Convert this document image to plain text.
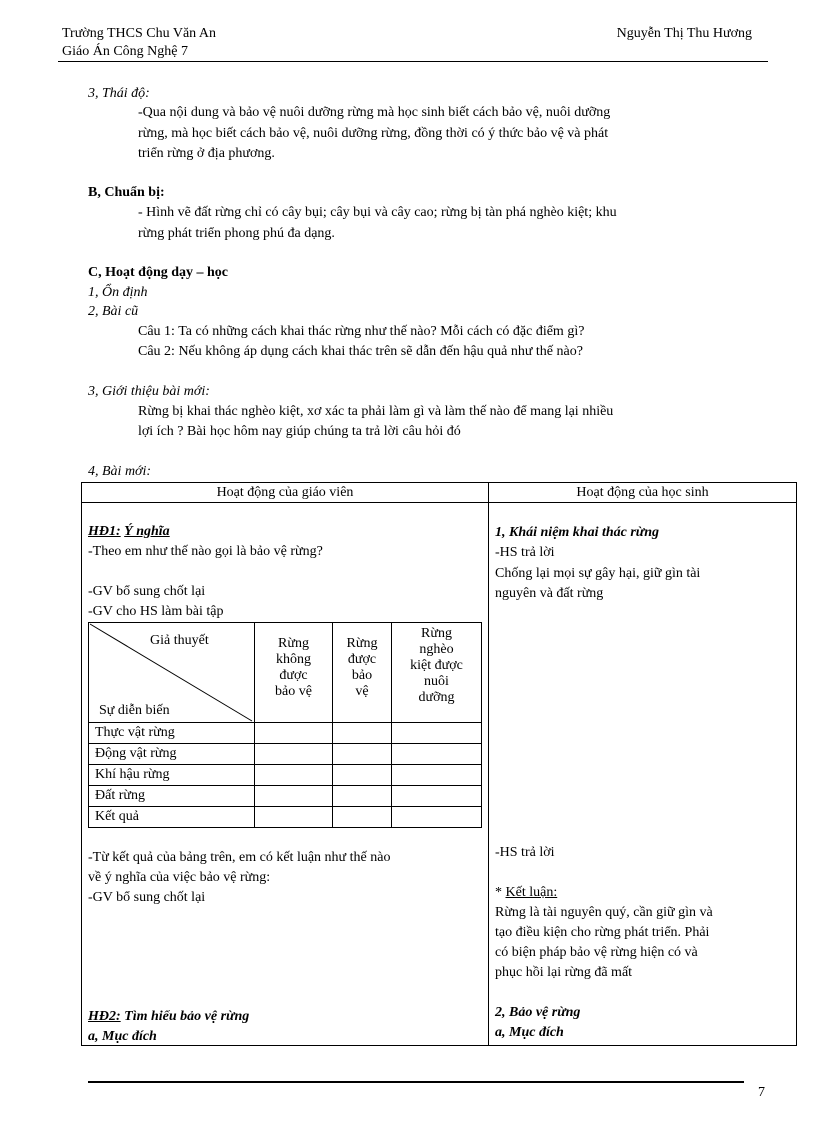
Trường THCS Chu Văn An
Giáo Án Công Nghệ 7
Nguyễn Thị Thu Hương
3, Thái độ:
-Qua nội dung và bảo vệ nuôi dưỡng rừng mà học sinh biết cách bảo vệ, nuôi dưỡng
rừng, mà học biết cách bảo vệ, nuôi dưỡng rừng, đồng thời có ý thức bảo vệ và phát
triển rừng ở địa phương.
B, Chuẩn bị:
- Hình vẽ đất rừng chỉ có cây bụi; cây bụi và cây cao; rừng bị tàn phá nghèo kiệt; khu
rừng phát triển phong phú đa dạng.
C, Hoạt động dạy – học
1, Ổn định
2, Bài cũ
Câu 1: Ta có những cách khai thác rừng như thế nào? Mỗi cách có đặc điểm gì?
Câu 2: Nếu không áp dụng cách khai thác trên sẽ dẫn đến hậu quả như thế nào?
3, Giới thiệu bài mới:
Rừng bị khai thác nghèo kiệt, xơ xác ta phải làm gì và làm thế nào để mang lại nhiều
lợi ích ? Bài học hôm nay giúp chúng ta trả lời câu hỏi đó
4, Bài mới:
Hoạt động của giáo viên	Hoạt động của học sinh
HĐ1: Ý nghĩa
-Theo em như thế nào gọi là bảo vệ rừng?
-GV bổ sung chốt lại
-GV cho HS làm bài tập
Giả thuyết
Sự diễn biến
Rừng
không
được
bảo vệ
Rừng
được
bảo
vệ
Rừng
nghèo
kiệt được
nuôi
dưỡng
Thực vật rừng
Động vật rừng
Khí hậu rừng
Đất rừng
Kết quả
-Từ kết quả của bảng trên, em có kết luận như thế nào
về ý nghĩa của việc bảo vệ rừng:
-GV bổ sung chốt lại
HĐ2: Tìm hiểu bảo vệ rừng
a, Mục đích
1, Khái niệm khai thác rừng
-HS trả lời
Chống lại mọi sự gây hại, giữ gìn tài
nguyên và đất rừng
-HS trả lời
* Kết luận:
Rừng là tài nguyên quý, cần giữ gìn và
tạo điều kiện cho rừng phát triển. Phải
có biện pháp bảo vệ rừng hiện có và
phục hồi lại rừng đã mất
2, Bảo vệ rừng
a, Mục đích
7
